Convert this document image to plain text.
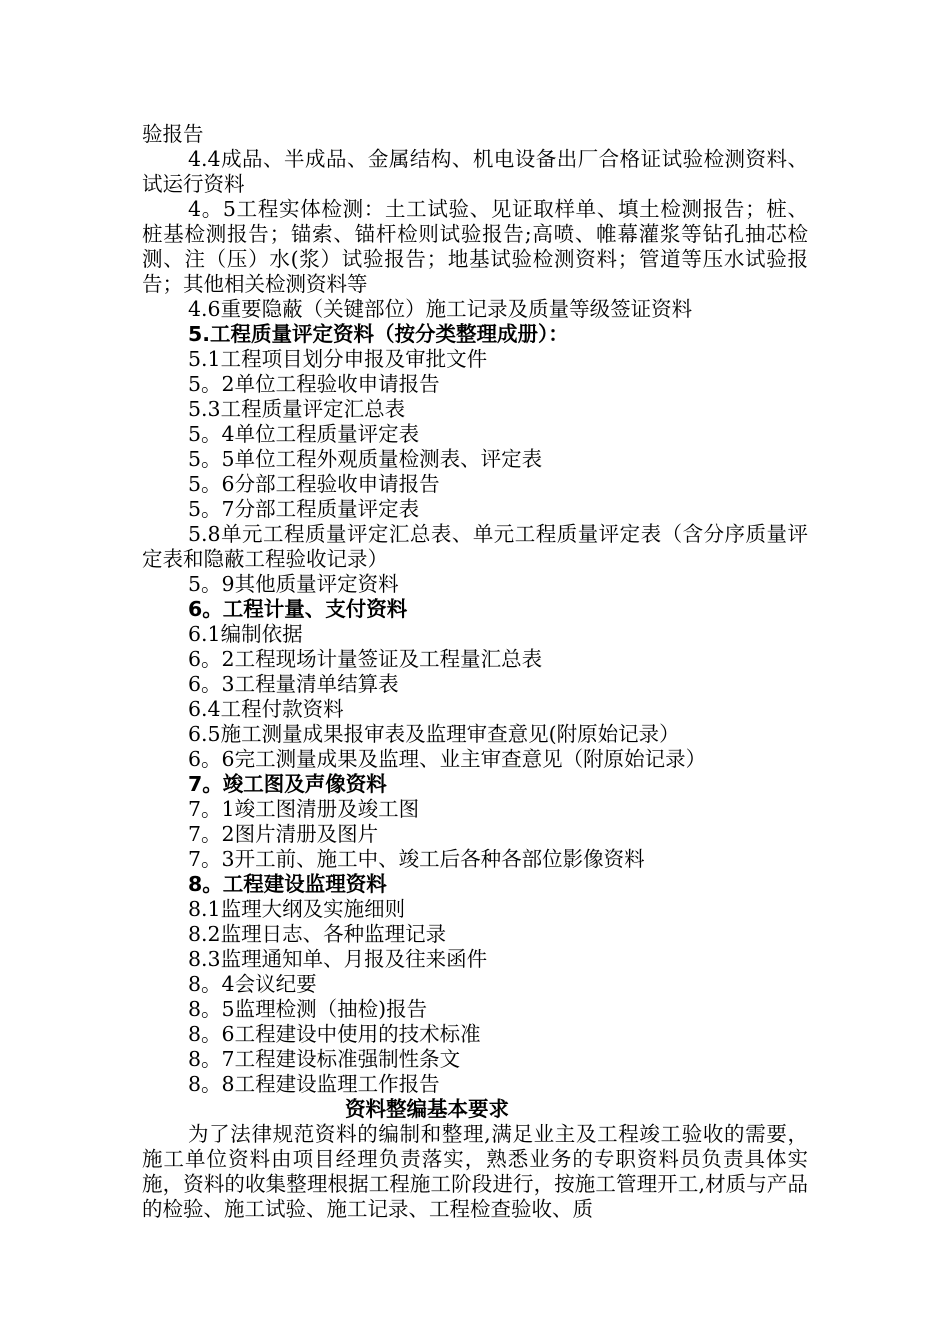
验报告
4.4成品、半成品、金属结构、机电设备出厂合格证试验检测资料、试运行资料
4。5工程实体检测：土工试验、见证取样单、填土检测报告；桩、桩基检测报告；锚索、锚杆检则试验报告;高喷、帷幕灌浆等钻孔抽芯检测、注（压）水(浆）试验报告；地基试验检测资料；管道等压水试验报告；其他相关检测资料等
4.6重要隐蔽（关键部位）施工记录及质量等级签证资料
5.工程质量评定资料（按分类整理成册）：
5.1工程项目划分申报及审批文件
5。2单位工程验收申请报告
5.3工程质量评定汇总表
5。4单位工程质量评定表
5。5单位工程外观质量检测表、评定表
5。6分部工程验收申请报告
5。7分部工程质量评定表
5.8单元工程质量评定汇总表、单元工程质量评定表（含分序质量评定表和隐蔽工程验收记录）
5。9其他质量评定资料
6。工程计量、支付资料
6.1编制依据
6。2工程现场计量签证及工程量汇总表
6。3工程量清单结算表
6.4工程付款资料
6.5施工测量成果报审表及监理审查意见(附原始记录）
6。6完工测量成果及监理、业主审查意见（附原始记录）
7。竣工图及声像资料
7。1竣工图清册及竣工图
7。2图片清册及图片
7。3开工前、施工中、竣工后各种各部位影像资料
8。工程建设监理资料
8.1监理大纲及实施细则
8.2监理日志、各种监理记录
8.3监理通知单、月报及往来函件
8。4会议纪要
8。5监理检测（抽检)报告
8。6工程建设中使用的技术标准
8。7工程建设标准强制性条文
8。8工程建设监理工作报告
资料整编基本要求
为了法律规范资料的编制和整理,满足业主及工程竣工验收的需要，施工单位资料由项目经理负责落实，熟悉业务的专职资料员负责具体实施，资料的收集整理根据工程施工阶段进行，按施工管理开工,材质与产品的检验、施工试验、施工记录、工程检查验收、质
